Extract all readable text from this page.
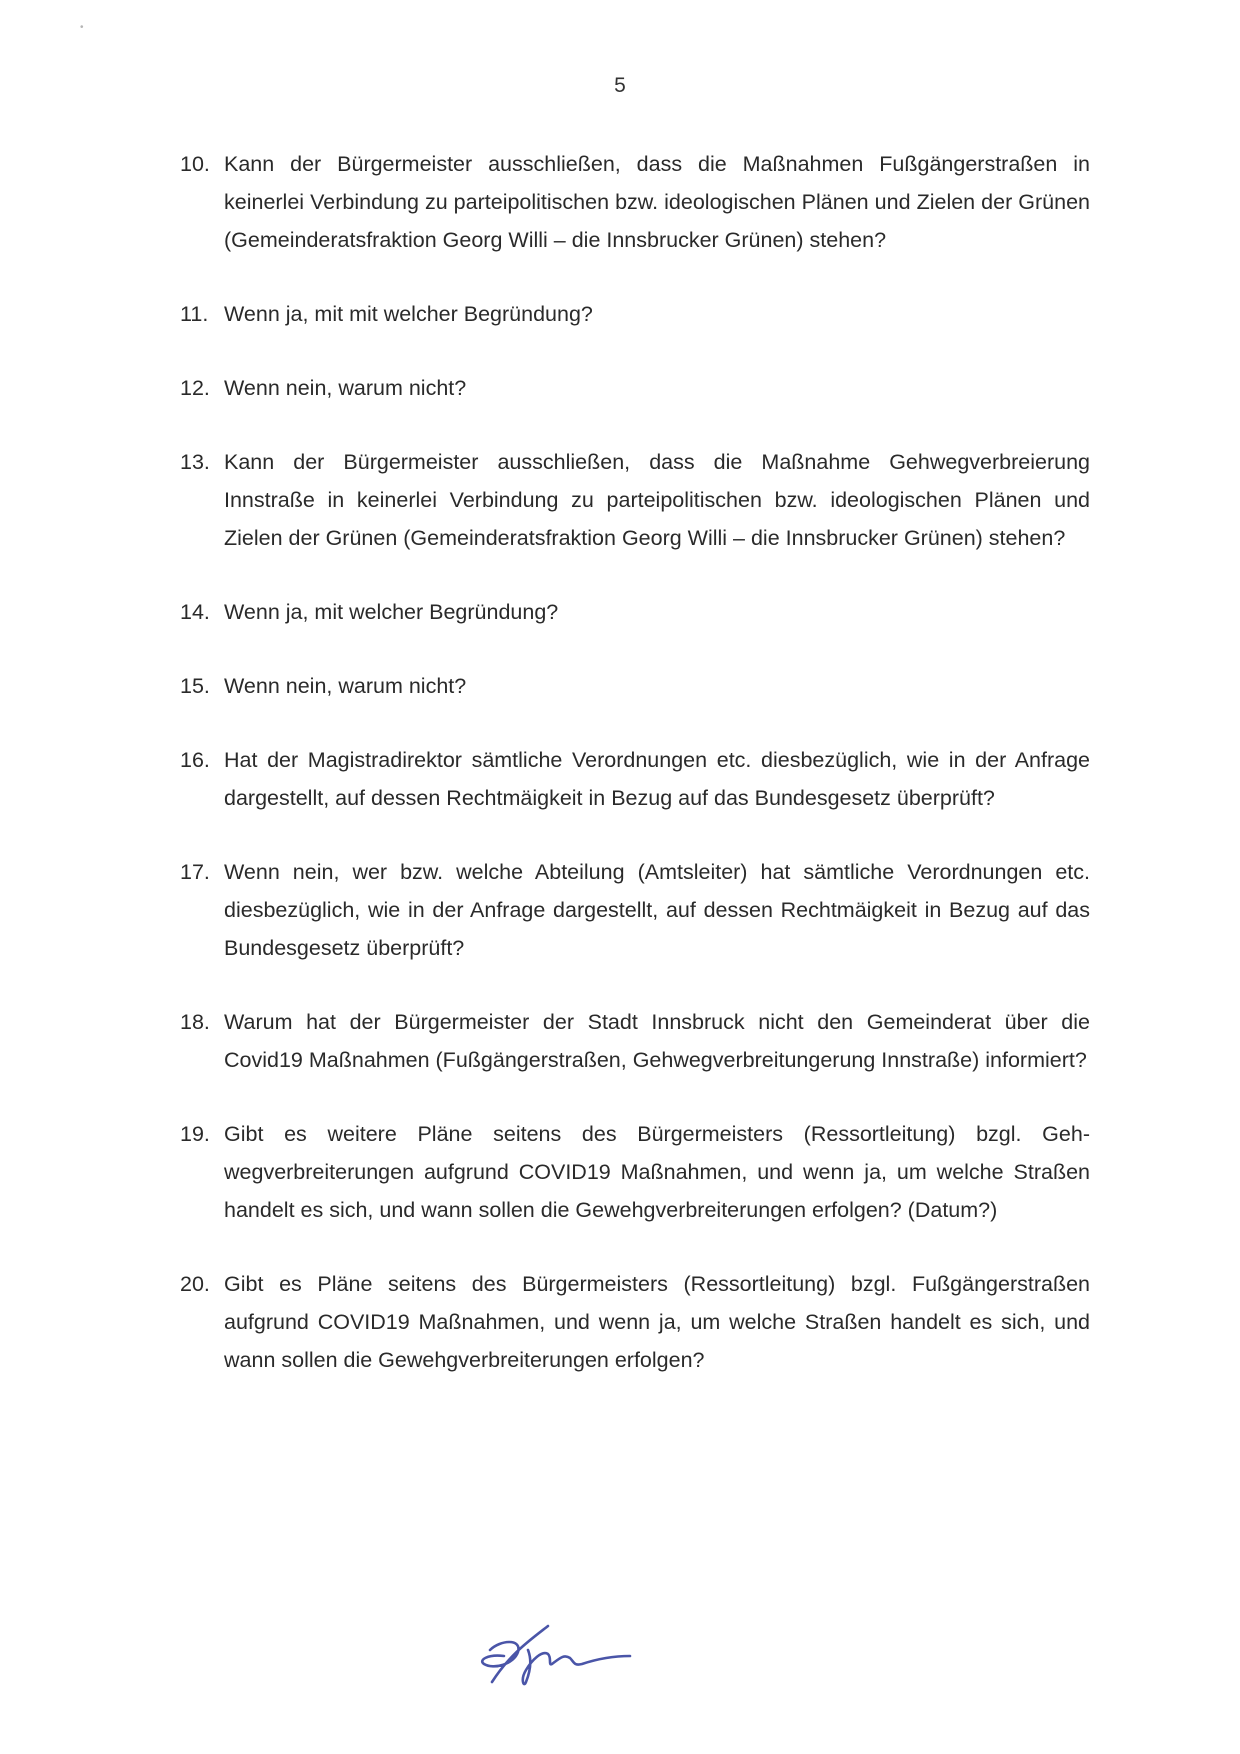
•
5
10. Kann der Bürgermeister ausschließen, dass die Maßnahmen Fußgängerstraßen in keinerlei Verbindung zu parteipolitischen bzw. ideologischen Plänen und Zielen der Grünen (Gemeinderatsfraktion Georg Willi – die Innsbrucker Grünen) stehen?
11. Wenn ja, mit mit welcher Begründung?
12. Wenn nein, warum nicht?
13. Kann der Bürgermeister ausschließen, dass die Maßnahme Gehwegverbreierung Innstraße in keinerlei Verbindung zu parteipolitischen bzw. ideologischen Plänen und Zielen der Grünen (Gemeinderatsfraktion Georg Willi – die Innsbrucker Grünen) stehen?
14. Wenn ja, mit welcher Begründung?
15. Wenn nein, warum nicht?
16. Hat der Magistradirektor sämtliche Verordnungen etc. diesbezüglich, wie in der Anfrage dargestellt, auf dessen Rechtmäigkeit in Bezug auf das Bundesgesetz überprüft?
17. Wenn nein, wer bzw. welche Abteilung (Amtsleiter) hat sämtliche Verordnungen etc. diesbezüglich, wie in der Anfrage dargestellt, auf dessen Rechtmäigkeit in Bezug auf das Bundesgesetz überprüft?
18. Warum hat der Bürgermeister der Stadt Innsbruck nicht den Gemeinderat über die Covid19 Maßnahmen (Fußgängerstraßen, Gehwegverbreitungerung Innstraße) informiert?
19. Gibt es weitere Pläne seitens des Bürgermeisters (Ressortleitung) bzgl. Gehwegverbreiterungen aufgrund COVID19 Maßnahmen, und wenn ja, um welche Straßen handelt es sich, und wann sollen die Gewehgverbreiterungen erfolgen? (Datum?)
20. Gibt es Pläne seitens des Bürgermeisters (Ressortleitung) bzgl. Fußgängerstraßen aufgrund COVID19 Maßnahmen, und wenn ja, um welche Straßen handelt es sich, und wann sollen die Gewehgverbreiterungen erfolgen?
